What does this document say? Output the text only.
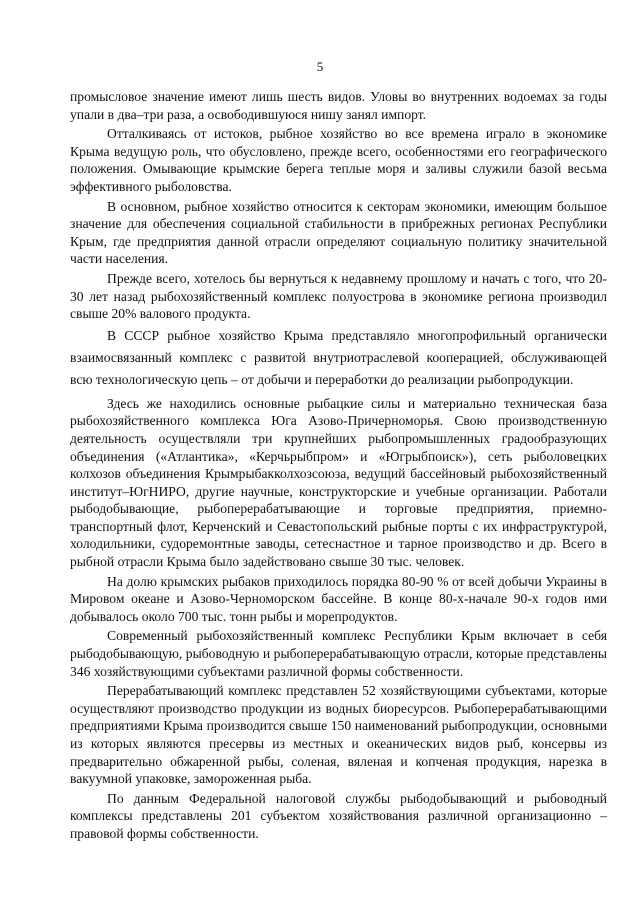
5

промысловое значение имеют лишь шесть видов. Уловы во внутренних водоемах за годы упали в два–три раза, а освободившуюся нишу занял импорт.

Отталкиваясь от истоков, рыбное хозяйство во все времена играло в экономике Крыма ведущую роль, что обусловлено, прежде всего, особенностями его географического положения. Омывающие крымские берега теплые моря и заливы служили базой весьма эффективного рыболовства.

В основном, рыбное хозяйство относится к секторам экономики, имеющим большое значение для обеспечения социальной стабильности в прибрежных регионах Республики Крым, где предприятия данной отрасли определяют социальную политику значительной части населения.

Прежде всего, хотелось бы вернуться к недавнему прошлому и начать с того, что 20-30 лет назад рыбохозяйственный комплекс полуострова в экономике региона производил свыше 20% валового продукта.

В СССР рыбное хозяйство Крыма представляло многопрофильный органически взаимосвязанный комплекс с развитой внутриотраслевой кооперацией, обслуживающей всю технологическую цепь – от добычи и переработки до реализации рыбопродукции.

Здесь же находились основные рыбацкие силы и материально техническая база рыбохозяйственного комплекса Юга Азово-Причерноморья. Свою производственную деятельность осуществляли три крупнейших рыбопромышленных градообразующих объединения («Атлантика», «Керчьрыбпром» и «Югрыбпоиск»), сеть рыболовецких колхозов объединения Крымрыбакколхозсоюза, ведущий бассейновый рыбохозяйственный институт–ЮгНИРО, другие научные, конструкторские и учебные организации. Работали рыбодобывающие, рыбоперерабатывающие и торговые предприятия, приемно-транспортный флот, Керченский и Севастопольский рыбные порты с их инфраструктурой, холодильники, судоремонтные заводы, сетеснастное и тарное производство и др. Всего в рыбной отрасли Крыма было задействовано свыше 30 тыс. человек.

На долю крымских рыбаков приходилось порядка 80-90 % от всей добычи Украины в Мировом океане и Азово-Черноморском бассейне. В конце 80-х-начале 90-х годов ими добывалось около 700 тыс. тонн рыбы и морепродуктов.

Современный рыбохозяйственный комплекс Республики Крым включает в себя рыбодобывающую, рыбоводную и рыбоперерабатывающую отрасли, которые представлены 346 хозяйствующими субъектами различной формы собственности.

Перерабатывающий комплекс представлен 52 хозяйствующими субъектами, которые осуществляют производство продукции из водных биоресурсов. Рыбоперерабатывающими предприятиями Крыма производится свыше 150 наименований рыбопродукции, основными из которых являются пресервы из местных и океанических видов рыб, консервы из предварительно обжаренной рыбы, соленая, вяленая и копченая продукция, нарезка в вакуумной упаковке, замороженная рыба.

По данным Федеральной налоговой службы рыбодобывающий и рыбоводный комплексы представлены 201 субъектом хозяйствования различной организационно – правовой формы собственности.
